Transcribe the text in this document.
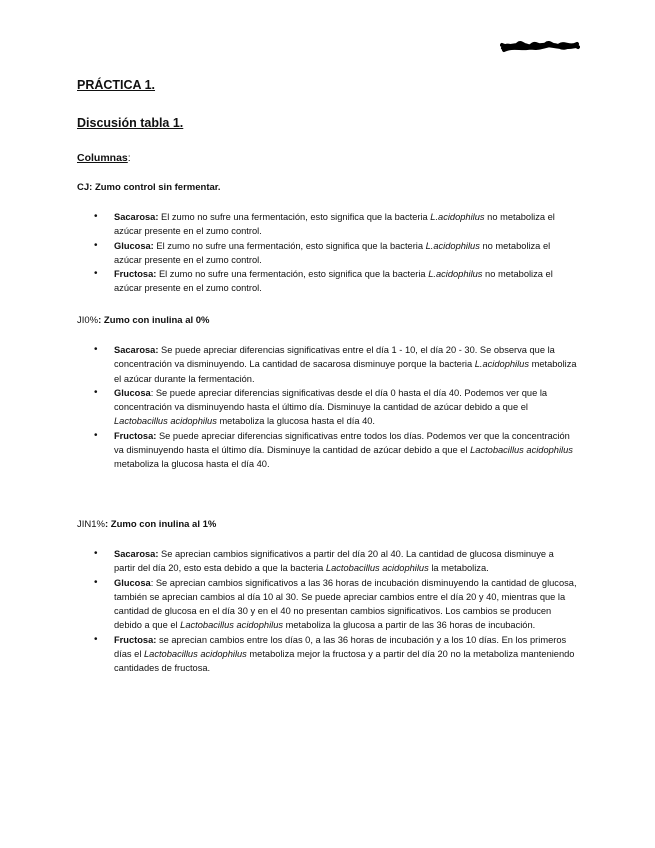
PRÁCTICA 1.

Discusión tabla 1.

Columnas:

CJ: Zumo control sin fermentar.

• Sacarosa: El zumo no sufre una fermentación, esto significa que la bacteria L.acidophilus no metaboliza el azúcar presente en el zumo control.
• Glucosa: El zumo no sufre una fermentación, esto significa que la bacteria L.acidophilus no metaboliza el azúcar presente en el zumo control.
• Fructosa: El zumo no sufre una fermentación, esto significa que la bacteria L.acidophilus no metaboliza el azúcar presente en el zumo control.

JI0%: Zumo con inulina al 0%

• Sacarosa: Se puede apreciar diferencias significativas entre el día 1 - 10, el día 20 - 30. Se observa que la concentración va disminuyendo. La cantidad de sacarosa disminuye porque la bacteria L.acidophilus metaboliza el azúcar durante la fermentación.
• Glucosa: Se puede apreciar diferencias significativas desde el día 0 hasta el día 40. Podemos ver que la concentración va disminuyendo hasta el último día. Disminuye la cantidad de azúcar debido a que el Lactobacillus acidophilus metaboliza la glucosa hasta el día 40.
• Fructosa: Se puede apreciar diferencias significativas entre todos los días. Podemos ver que la concentración va disminuyendo hasta el último día. Disminuye la cantidad de azúcar debido a que el Lactobacillus acidophilus metaboliza la glucosa hasta el día 40.

JIN1%: Zumo con inulina al 1%

• Sacarosa: Se aprecian cambios significativos a partir del día 20 al 40. La cantidad de glucosa disminuye a partir del día 20, esto esta debido a que la bacteria Lactobacillus acidophilus la metaboliza.
• Glucosa: Se aprecian cambios significativos a las 36 horas de incubación disminuyendo la cantidad de glucosa, también se aprecian cambios al día 10 al 30. Se puede apreciar cambios entre el día 20 y 40, mientras que la cantidad de glucosa en el día 30 y en el 40 no presentan cambios significativos. Los cambios se producen debido a que el Lactobacillus acidophilus metaboliza la glucosa a partir de las 36 horas de incubación.
• Fructosa: se aprecian cambios entre los días 0, a las 36 horas de incubación y a los 10 días. En los primeros días el Lactobacillus acidophilus metaboliza mejor la fructosa y a partir del día 20 no la metaboliza manteniendo cantidades de fructosa.
